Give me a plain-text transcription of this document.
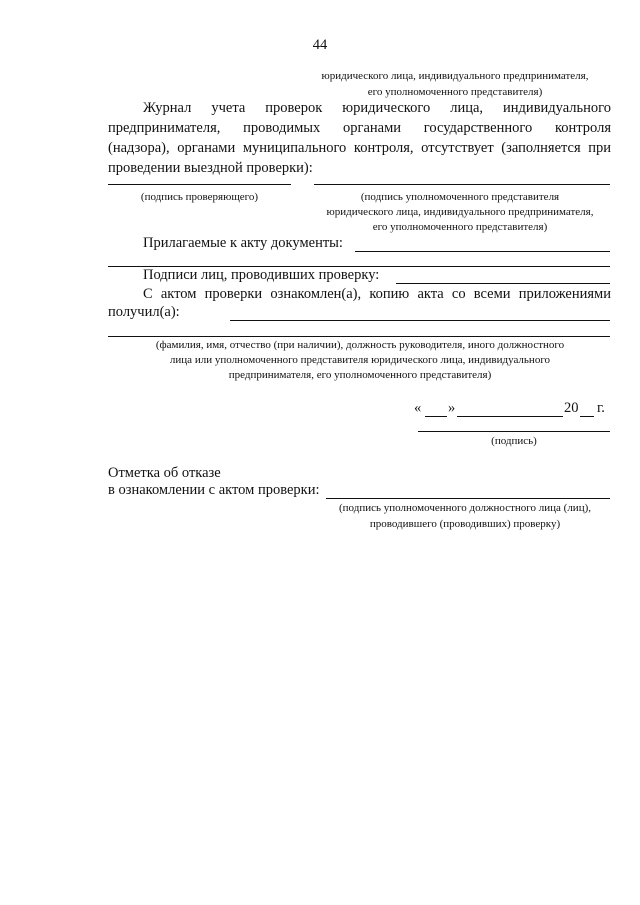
44
юридического лица, индивидуального предпринимателя,
его уполномоченного представителя)
Журнал учета проверок юридического лица, индивидуального
предпринимателя, проводимых органами государственного контроля
(надзора), органами муниципального контроля, отсутствует (заполняется при
проведении выездной проверки):
(подпись проверяющего)	(подпись уполномоченного представителя
юридического лица, индивидуального предпринимателя,
его уполномоченного представителя)
Прилагаемые к акту документы:
Подписи лиц, проводивших проверку:
С актом проверки ознакомлен(а), копию акта со всеми приложениями
получил(а):
(фамилия, имя, отчество (при наличии), должность руководителя, иного должностного
лица или уполномоченного представителя юридического лица, индивидуального
предпринимателя, его уполномоченного представителя)
« »	20 г.
(подпись)
Отметка об отказе
в ознакомлении с актом проверки:
(подпись уполномоченного должностного лица (лиц),
проводившего (проводивших) проверку)
